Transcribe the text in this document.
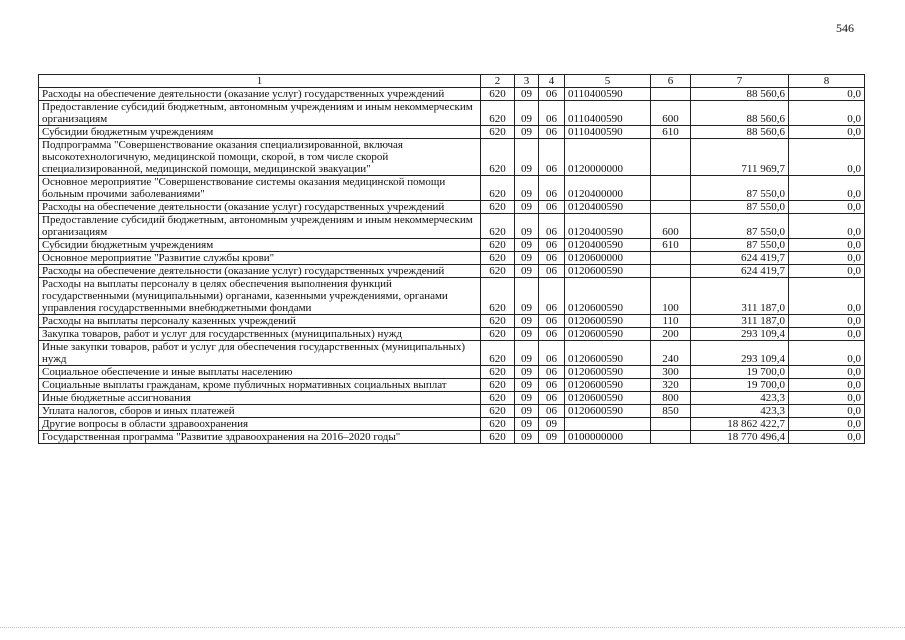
546
1	2	3	4	5	6	7	8
Расходы на обеспечение деятельности (оказание услуг) государственных учреждений	620	09	06	0110400590		88 560,6	0,0
Предоставление субсидий бюджетным, автономным учреждениям и иным некоммерческим организациям	620	09	06	0110400590	600	88 560,6	0,0
Субсидии бюджетным учреждениям	620	09	06	0110400590	610	88 560,6	0,0
Подпрограмма "Совершенствование оказания специализированной, включая высокотехнологичную, медицинской помощи, скорой, в том числе скорой специализированной, медицинской помощи, медицинской эвакуации"	620	09	06	0120000000		711 969,7	0,0
Основное мероприятие "Совершенствование системы оказания медицинской помощи больным прочими заболеваниями"	620	09	06	0120400000		87 550,0	0,0
Расходы на обеспечение деятельности (оказание услуг) государственных учреждений	620	09	06	0120400590		87 550,0	0,0
Предоставление субсидий бюджетным, автономным учреждениям и иным некоммерческим организациям	620	09	06	0120400590	600	87 550,0	0,0
Субсидии бюджетным учреждениям	620	09	06	0120400590	610	87 550,0	0,0
Основное мероприятие "Развитие службы крови"	620	09	06	0120600000		624 419,7	0,0
Расходы на обеспечение деятельности (оказание услуг) государственных учреждений	620	09	06	0120600590		624 419,7	0,0
Расходы на выплаты персоналу в целях обеспечения выполнения функций государственными (муниципальными) органами, казенными учреждениями, органами управления государственными внебюджетными фондами	620	09	06	0120600590	100	311 187,0	0,0
Расходы на выплаты персоналу казенных учреждений	620	09	06	0120600590	110	311 187,0	0,0
Закупка товаров, работ и услуг для государственных (муниципальных) нужд	620	09	06	0120600590	200	293 109,4	0,0
Иные закупки товаров, работ и услуг для обеспечения государственных (муниципальных) нужд	620	09	06	0120600590	240	293 109,4	0,0
Социальное обеспечение и иные выплаты населению	620	09	06	0120600590	300	19 700,0	0,0
Социальные выплаты гражданам, кроме публичных нормативных социальных выплат	620	09	06	0120600590	320	19 700,0	0,0
Иные бюджетные ассигнования	620	09	06	0120600590	800	423,3	0,0
Уплата налогов, сборов и иных платежей	620	09	06	0120600590	850	423,3	0,0
Другие вопросы в области здравоохранения	620	09	09			18 862 422,7	0,0
Государственная программа "Развитие здравоохранения на 2016–2020 годы"	620	09	09	0100000000		18 770 496,4	0,0
